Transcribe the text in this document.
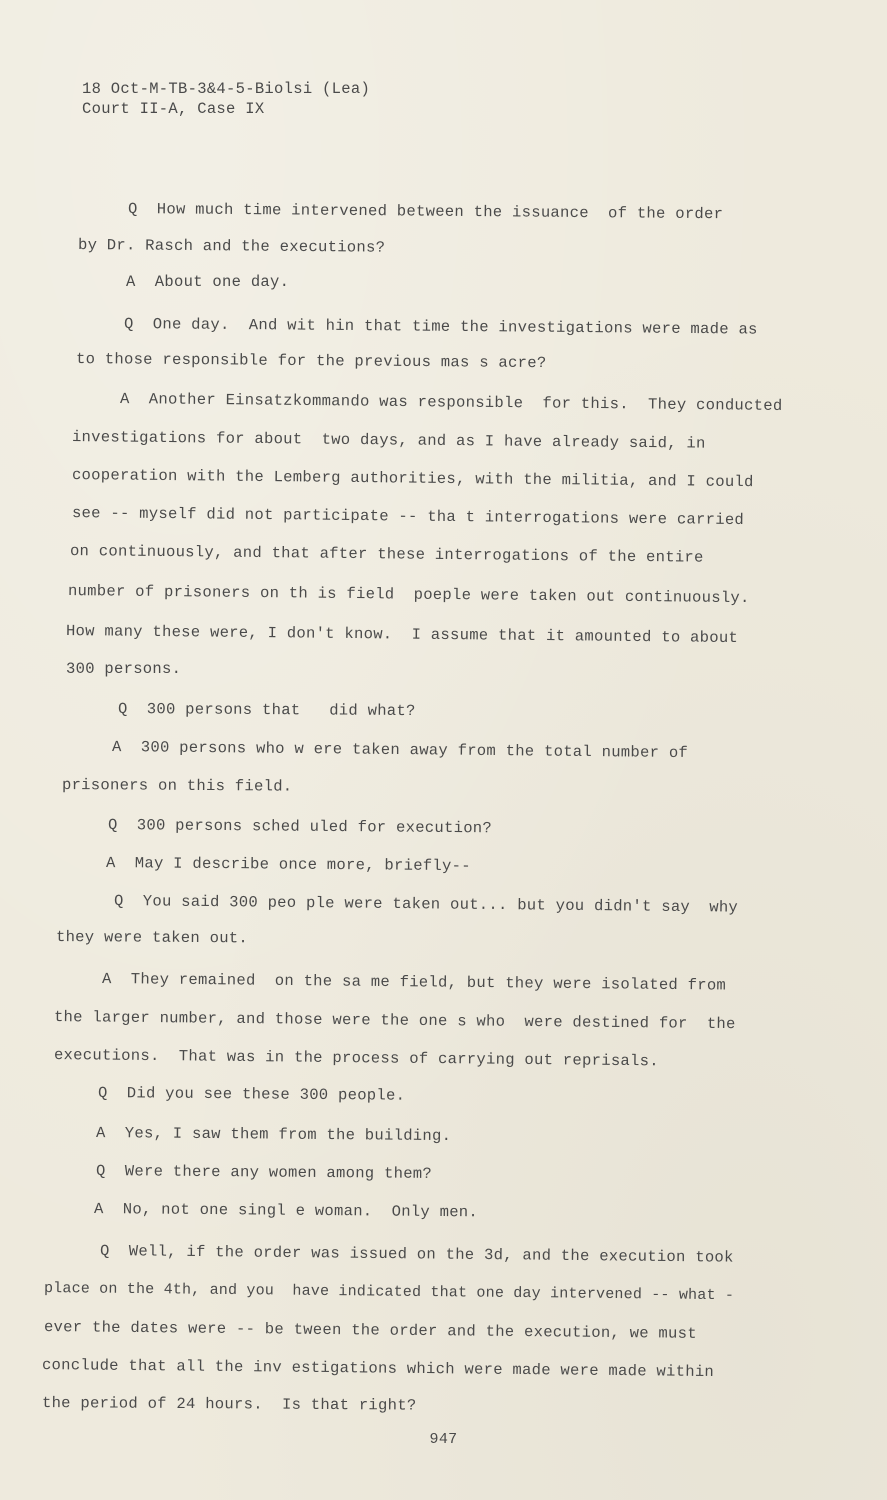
18 Oct-M-TB-3&4-5-Biolsi (Lea)
Court II-A, Case IX
Q  How much time intervened between the issuance  of the order
by Dr. Rasch and the executions?
A  About one day.
Q  One day.  And wit hin that time the investigations were made as
to those responsible for the previous mas s acre?
A  Another Einsatzkommando was responsible  for this.  They conducted
investigations for about  two days, and as I have already said, in
cooperation with the Lemberg authorities, with the militia, and I could
see -- myself did not participate -- tha t interrogations were carried
on continuously, and that after these interrogations of the entire
number of prisoners on th is field  poeple were taken out continuously.
How many these were, I don't know.  I assume that it amounted to about
300 persons.
Q  300 persons that   did what?
A  300 persons who w ere taken away from the total number of
prisoners on this field.
Q  300 persons sched uled for execution?
A  May I describe once more, briefly--
Q  You said 300 peo ple were taken out... but you didn't say  why
they were taken out.
A  They remained  on the sa me field, but they were isolated from
the larger number, and those were the one s who  were destined for  the
executions.  That was in the process of carrying out reprisals.
Q  Did you see these 300 people.
A  Yes, I saw them from the building.
Q  Were there any women among them?
A  No, not one singl e woman.  Only men.
Q  Well, if the order was issued on the 3d, and the execution took
place on the 4th, and you  have indicated that one day intervened -- what -
ever the dates were -- be tween the order and the execution, we must
conclude that all the inv estigations which were made were made within
the period of 24 hours.  Is that right?
947
